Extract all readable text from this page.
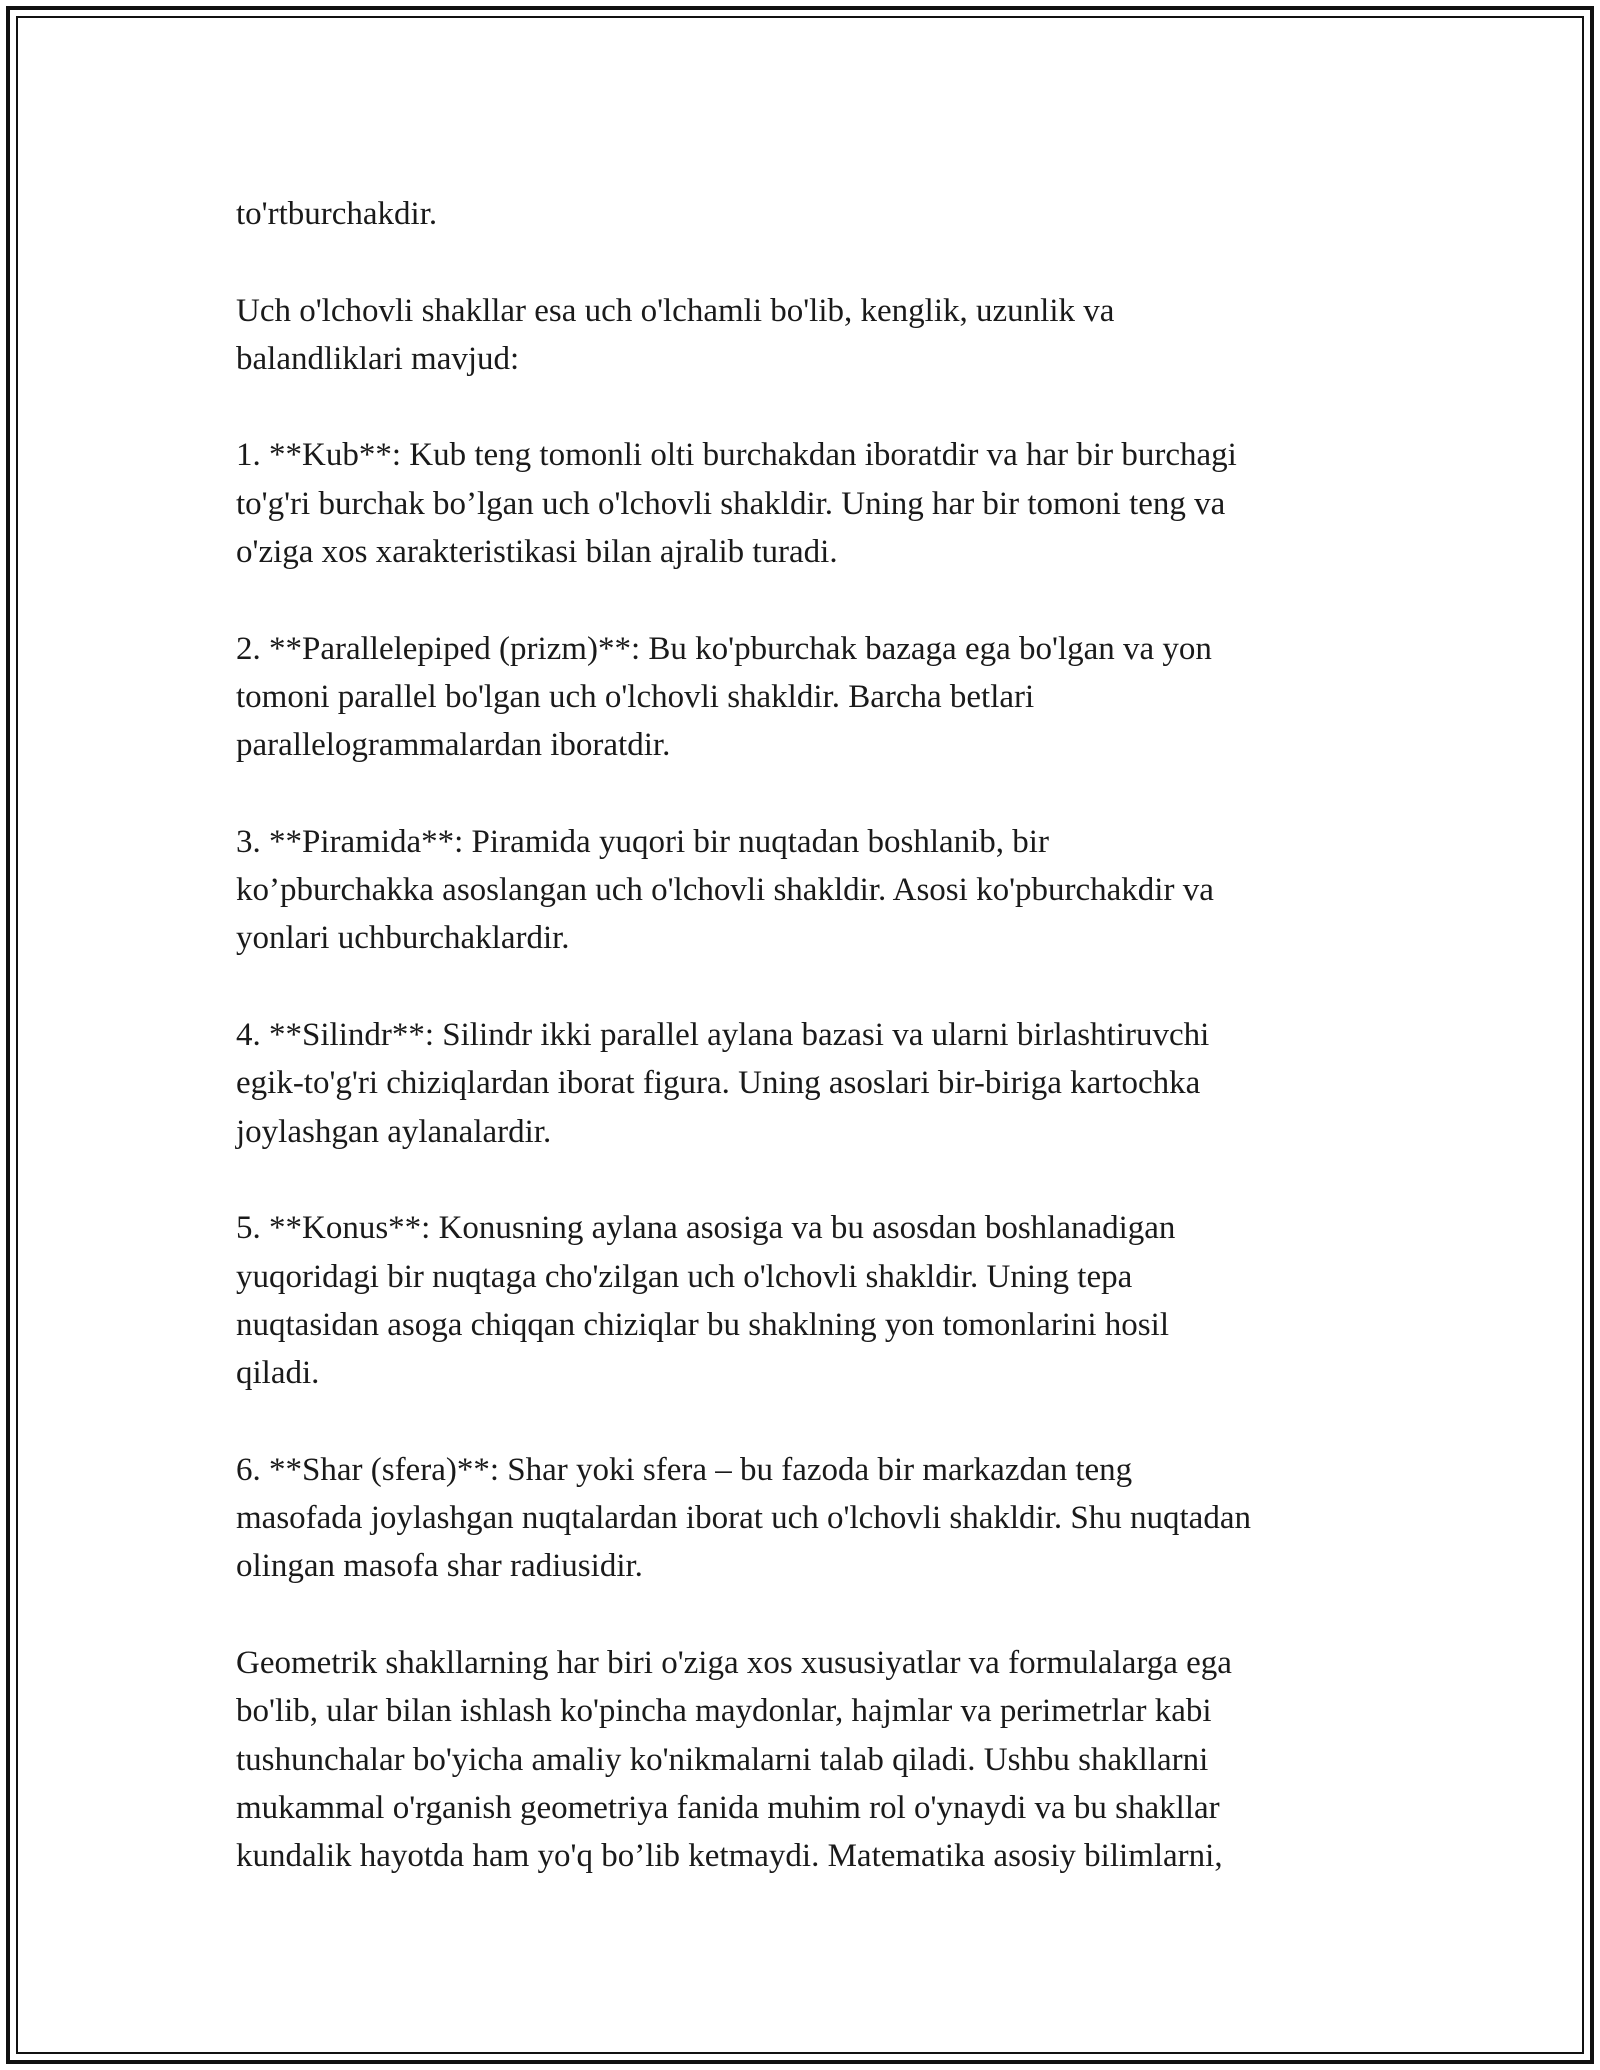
to'rtburchakdir.

Uch o'lchovli shakllar esa uch o'lchamli bo'lib, kenglik, uzunlik va
balandliklari mavjud:

1. **Kub**: Kub teng tomonli olti burchakdan iboratdir va har bir burchagi
to'g'ri burchak bo’lgan uch o'lchovli shakldir. Uning har bir tomoni teng va
o'ziga xos xarakteristikasi bilan ajralib turadi.

2. **Parallelepiped (prizm)**: Bu ko'pburchak bazaga ega bo'lgan va yon
tomoni parallel bo'lgan uch o'lchovli shakldir. Barcha betlari
parallelogrammalardan iboratdir.

3. **Piramida**: Piramida yuqori bir nuqtadan boshlanib, bir
ko’pburchakka asoslangan uch o'lchovli shakldir. Asosi ko'pburchakdir va
yonlari uchburchaklardir.

4. **Silindr**: Silindr ikki parallel aylana bazasi va ularni birlashtiruvchi
egik-to'g'ri chiziqlardan iborat figura. Uning asoslari bir-biriga kartochka
joylashgan aylanalardir.

5. **Konus**: Konusning aylana asosiga va bu asosdan boshlanadigan
yuqoridagi bir nuqtaga cho'zilgan uch o'lchovli shakldir. Uning tepa
nuqtasidan asoga chiqqan chiziqlar bu shaklning yon tomonlarini hosil
qiladi.

6. **Shar (sfera)**: Shar yoki sfera – bu fazoda bir markazdan teng
masofada joylashgan nuqtalardan iborat uch o'lchovli shakldir. Shu nuqtadan
olingan masofa shar radiusidir.

Geometrik shakllarning har biri o'ziga xos xususiyatlar va formulalarga ega
bo'lib, ular bilan ishlash ko'pincha maydonlar, hajmlar va perimetrlar kabi
tushunchalar bo'yicha amaliy ko'nikmalarni talab qiladi. Ushbu shakllarni
mukammal o'rganish geometriya fanida muhim rol o'ynaydi va bu shakllar
kundalik hayotda ham yo'q bo’lib ketmaydi. Matematika asosiy bilimlarni,
